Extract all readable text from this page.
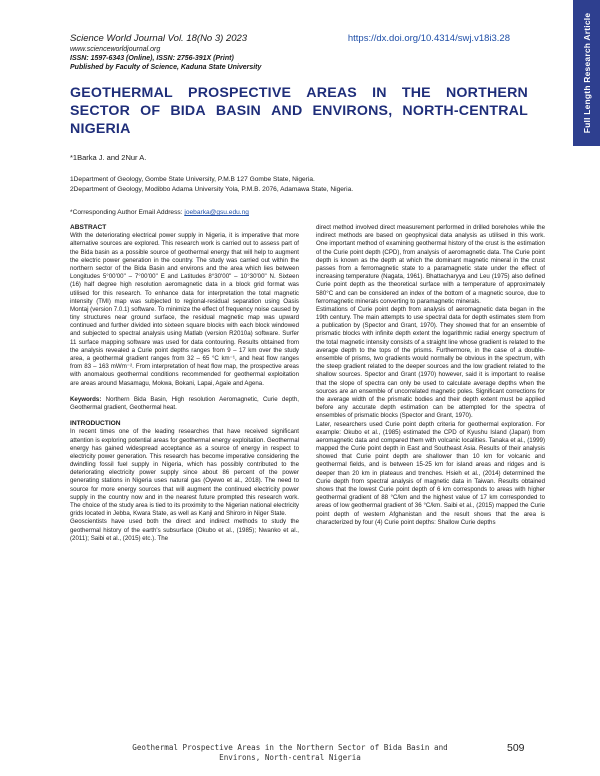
Science World Journal Vol. 18(No 3) 2023	https://dx.doi.org/10.4314/swj.v18i3.28
www.scienceworldjournal.org
ISSN: 1597-6343 (Online), ISSN: 2756-391X (Print)
Published by Faculty of Science, Kaduna State University	Full Length Research Article
GEOTHERMAL PROSPECTIVE AREAS IN THE NORTHERN
SECTOR OF BIDA BASIN AND ENVIRONS, NORTH-CENTRAL
NIGERIA
*1Barka J. and 2Nur A.
1Department of Geology, Gombe State University, P.M.B 127 Gombe State, Nigeria.
2Department of Geology, Modibbo Adama University Yola, P.M.B. 2076, Adamawa State, Nigeria.
*Corresponding Author Email Address: joebarka@gsu.edu.ng

ABSTRACT

With the deteriorating electrical power supply in Nigeria, it is imperative that more alternative sources are explored. This research work is carried out to assess part of the Bida basin as a possible source of geothermal energy that will help to augment the electric power generation in the country. The study was carried out within the northern sector of the Bida Basin and environs and the area which lies between Longitudes 5°00'00" – 7°00'00" E and Latitudes 8°30'00" – 10°30'00" N. Sixteen (16) half degree high resolution aeromagnetic data in a block grid format was utilised for this research. To enhance data for interpretation the total magnetic intensity (TMI) map was subjected to regional-residual separation using Oasis Montaj (version 7.0.1) software. To minimize the effect of frequency noise caused by tiny structures near ground surface, the residual magnetic map was upward continued and further divided into sixteen square blocks with each block windowed and subjected to spectral analysis using Matlab (version R2010a) software. Surfer 11 surface mapping software was used for data contouring. Results obtained from the analysis revealed a Curie point depths ranges from 9 – 17 km over the study area, a geothermal gradient ranges from 32 – 65 °C km⁻¹, and heat flow ranges from 83 – 163 mWm⁻². From interpretation of heat flow map, the prospective areas with anomalous geothermal conditions recommended for geothermal exploitation are areas around Masamagu, Mokwa, Bokani, Lapai, Agaie and Agena.

Keywords: Northern Bida Basin, High resolution Aeromagnetic, Curie depth, Geothermal gradient, Geothermal heat.

INTRODUCTION

In recent times one of the leading researches that have received significant attention is exploring potential areas for geothermal energy exploitation. Geothermal energy has gained widespread acceptance as a source of energy in respect to electricity power generation. This research has become imperative considering the dwindling fossil fuel supply in Nigeria, which has possibly contributed to the deteriorating electricity power supply since about 86 percent of the power generating stations in Nigeria uses natural gas (Oyewo et al., 2018). The need to source for more energy sources that will augment the continued electricity power supply in the country now and in the nearest future prompted this research work. The choice of the study area is tied to its proximity to the Nigerian national electricity grids located in Jebba, Kwara State, as well as Kanji and Shiroro in Niger State.

Geoscientists have used both the direct and indirect methods to study the geothermal history of the earth's subsurface (Okubo et al., (1985); Nwanko et al., (2011); Saibi et al., (2015) etc.). The

direct method involved direct measurement performed in drilled boreholes while the indirect methods are based on geophysical data analysis as utilised in this work. One important method of examining geothermal history of the crust is the estimation of the Curie point depth (CPD), from analysis of aeromagnetic data. The Curie point depth is known as the depth at which the dominant magnetic mineral in the crust passes from a ferromagnetic state to a paramagnetic state under the effect of increasing temperature (Nagata, 1961). Bhattacharyya and Leu (1975) also defined Curie point depth as the theoretical surface with a temperature of approximately 580°C and can be considered an index of the bottom of a magnetic source, due to ferromagnetic minerals converting to paramagnetic minerals.

Estimations of Curie point depth from analysis of aeromagnetic data began in the 19th century. The main attempts to use spectral data for depth estimates stem from a publication by (Spector and Grant, 1970). They showed that for an ensemble of prismatic blocks with infinite depth extent the logarithmic radial energy spectrum of the total magnetic intensity consists of a straight line whose gradient is related to the average depth to the tops of the prisms. Furthermore, in the case of a double-ensemble of prisms, two gradients would normally be obvious in the spectrum, with the steep gradient related to the deeper sources and the low gradient related to the shallow sources. Spector and Grant (1970) however, said it is important to realise that the slope of spectra can only be used to calculate average depths when the sources are an ensemble of uncorrelated magnetic poles. Significant corrections for the average width of the prismatic bodies and their depth extent must be applied before any accurate depth estimation can be attempted for the spectra of ensembles of prismatic blocks (Spector and Grant, 1970).

Later, researchers used Curie point depth criteria for geothermal exploration. For example: Okubo et al., (1985) estimated the CPD of Kyushu Island (Japan) from aeromagnetic data and compared them with volcanic localities. Tanaka et al., (1999) mapped the Curie point depth in East and Southeast Asia. Results of their analysis showed that Curie point depth are shallower than 10 km for volcanic and geothermal fields, and is between 15-25 km for island areas and ridges and is deeper than 20 km in plateaus and trenches. Hsieh et al., (2014) determined the Curie depth from spectral analysis of magnetic data in Taiwan. Results obtained shows that the lowest Curie point depth of 6 km corresponds to areas with higher geothermal gradient of 88 °C/km and the highest value of 17 km corresponded to areas of low geothermal gradient of 36 °C/km. Saibi et al., (2015) mapped the Curie point depth of western Afghanistan and the result shows that the area is characterized by four (4) Curie point depths: Shallow Curie depths

Geothermal Prospective Areas in the Northern Sector of Bida Basin and
Environs, North-central Nigeria
509
